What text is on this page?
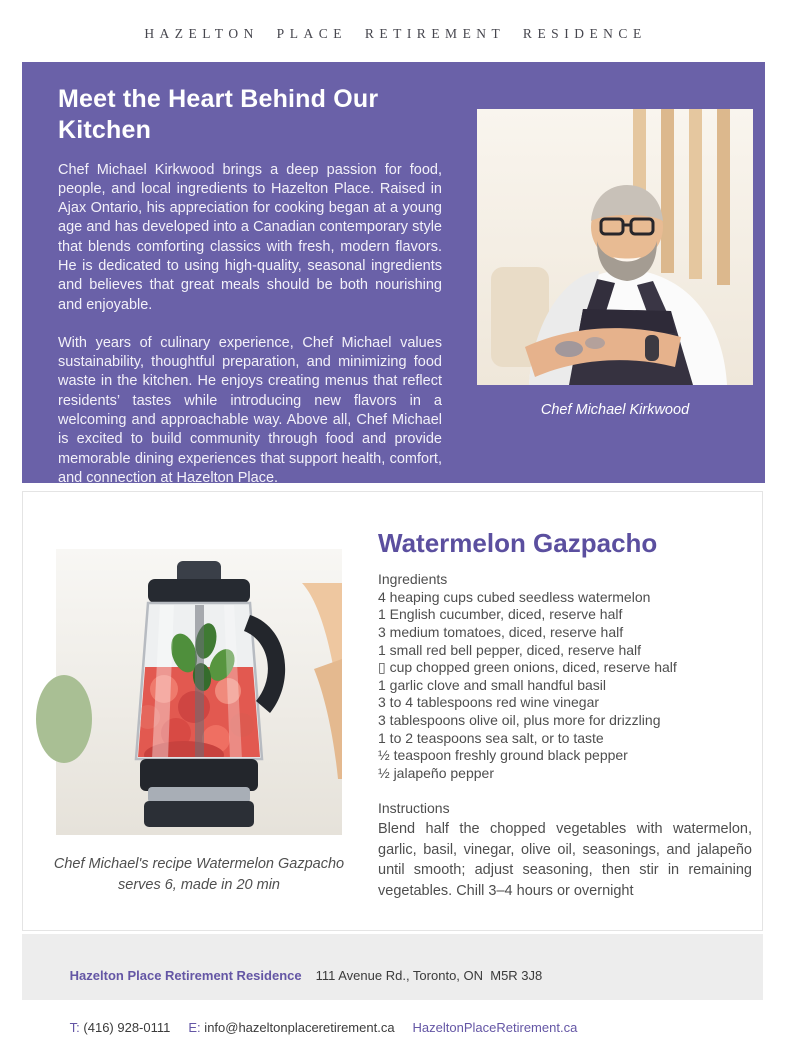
HAZELTON PLACE RETIREMENT RESIDENCE
Meet the Heart Behind Our Kitchen

Chef Michael Kirkwood brings a deep passion for food, people, and local ingredients to Hazelton Place. Raised in Ajax Ontario, his appreciation for cooking began at a young age and has developed into a Canadian contemporary style that blends comforting classics with fresh, modern flavors. He is dedicated to using high-quality, seasonal ingredients and believes that great meals should be both nourishing and enjoyable.

With years of culinary experience, Chef Michael values sustainability, thoughtful preparation, and minimizing food waste in the kitchen. He enjoys creating menus that reflect residents’ tastes while introducing new flavors in a welcoming and approachable way. Above all, Chef Michael is excited to build community through food and provide memorable dining experiences that support health, comfort, and connection at Hazelton Place.

Chef Michael Kirkwood
Chef Michael's recipe Watermelon Gazpacho
serves 6, made in 20 min
Watermelon Gazpacho
Ingredients
4 heaping cups cubed seedless watermelon
1 English cucumber, diced, reserve half
3 medium tomatoes, diced, reserve half
1 small red bell pepper, diced, reserve half
▯ cup chopped green onions, diced, reserve half
1 garlic clove and small handful basil
3 to 4 tablespoons red wine vinegar
3 tablespoons olive oil, plus more for drizzling
1 to 2 teaspoons sea salt, or to taste
½ teaspoon freshly ground black pepper
½ jalapeño pepper
Instructions
Blend half the chopped vegetables with watermelon, garlic, basil, vinegar, olive oil, seasonings, and jalapeño until smooth; adjust seasoning, then stir in remaining vegetables. Chill 3–4 hours or overnight

Hazelton Place Retirement Residence 111 Avenue Rd., Toronto, ON  M5R 3J8

T: (416) 928-0111 E: info@hazeltonplaceretirement.ca HazeltonPlaceRetirement.ca
